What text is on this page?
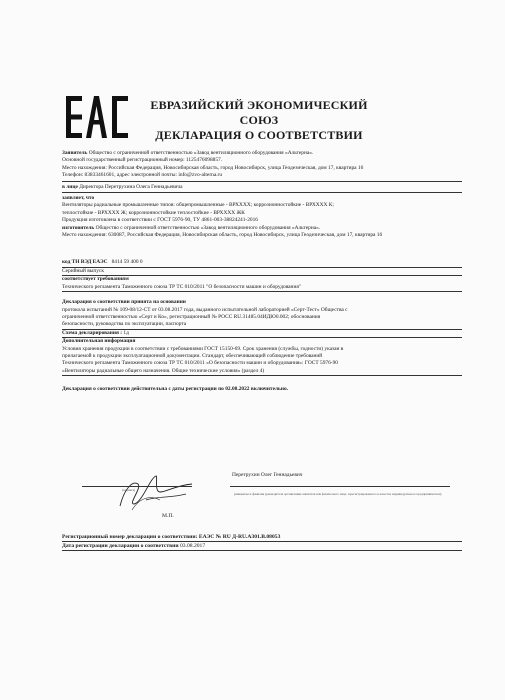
ЕВРАЗИЙСКИЙ ЭКОНОМИЧЕСКИЙ
СОЮЗ
ДЕКЛАРАЦИЯ О СООТВЕТСТВИИ
Заявитель Общество с ограниченной ответственностью «Завод вентиляционного оборудования «Альтерна».
Основной государственный регистрационный номер: 1125476098857.
Место нахождения: Российская Федерация, Новосибирская область, город Новосибирск, улица Геодезическая, дом 17, квартира 16
Телефон: 83833461601, адрес электронной почты: info@zvo-alterna.ru
в лице Директора Перетрухина Олега Геннадьевича
заявляет, что
Вентиляторы радиальные промышленные типов: общепромышленные - ВРХХХХ; коррозионностойкие - ВРХХХХ К;
теплостойкие - ВРХХХХ Ж; коррозионностойкие теплостойкие - ВРХХХХ ЖК
Продукция изготовлена в соответствии с ГОСТ 5976-90, ТУ 4861-003-38824241-2016
изготовитель Общество с ограниченной ответственностью «Завод вентиляционного оборудования «Альтерна».
Место нахождения: 630087, Российская Федерация, Новосибирская область, город Новосибирск, улица Геодезическая, дом 17, квартира 16
код ТН ВЭД ЕАЭС 8414 59 400 0
Серийный выпуск
соответствует требованиям
Технического регламента Таможенного союза ТР ТС 010/2011 "О безопасности машин и оборудования"
Декларация о соответствии принята на основании
протокола испытаний № 109-08/12-СТ от 03.08.2017 года, выданного испытательной лабораторией «Серт-Тест» Общества с
ограниченной ответственностью «Серт и Ко», регистрационный № РОСС RU.31485.04ИДЮ0.002; обоснования
безопасности, руководства по эксплуатации, паспорта
Схема декларирования : 1д
Дополнительная информация
Условия хранения продукции в соответствии с требованиями ГОСТ 15150-69. Срок хранения (службы, годности) указан в
прилагаемой к продукции эксплуатационной документации. Стандарт, обеспечивающий соблюдение требований
Технического регламента Таможенного союза ТР ТС 010/2011 «О безопасности машин и оборудования»: ГОСТ 5976-90
«Вентиляторы радиальные общего назначения. Общие технические условия» (раздел 4)
Декларация о соответствии действительна с даты регистрации по 02.08.2022 включительно.
(подпись)
Перетрухин Олег Геннадьевич
(инициалы и фамилия руководителя организации-заявителя или физического лица, зарегистрированного в качестве индивидуального предпринимателя)
М.П.
Регистрационный номер декларации о соответствии: ЕАЭС № RU Д-RU.А301.В.08053
Дата регистрации декларации о соответствии 03.08.2017
